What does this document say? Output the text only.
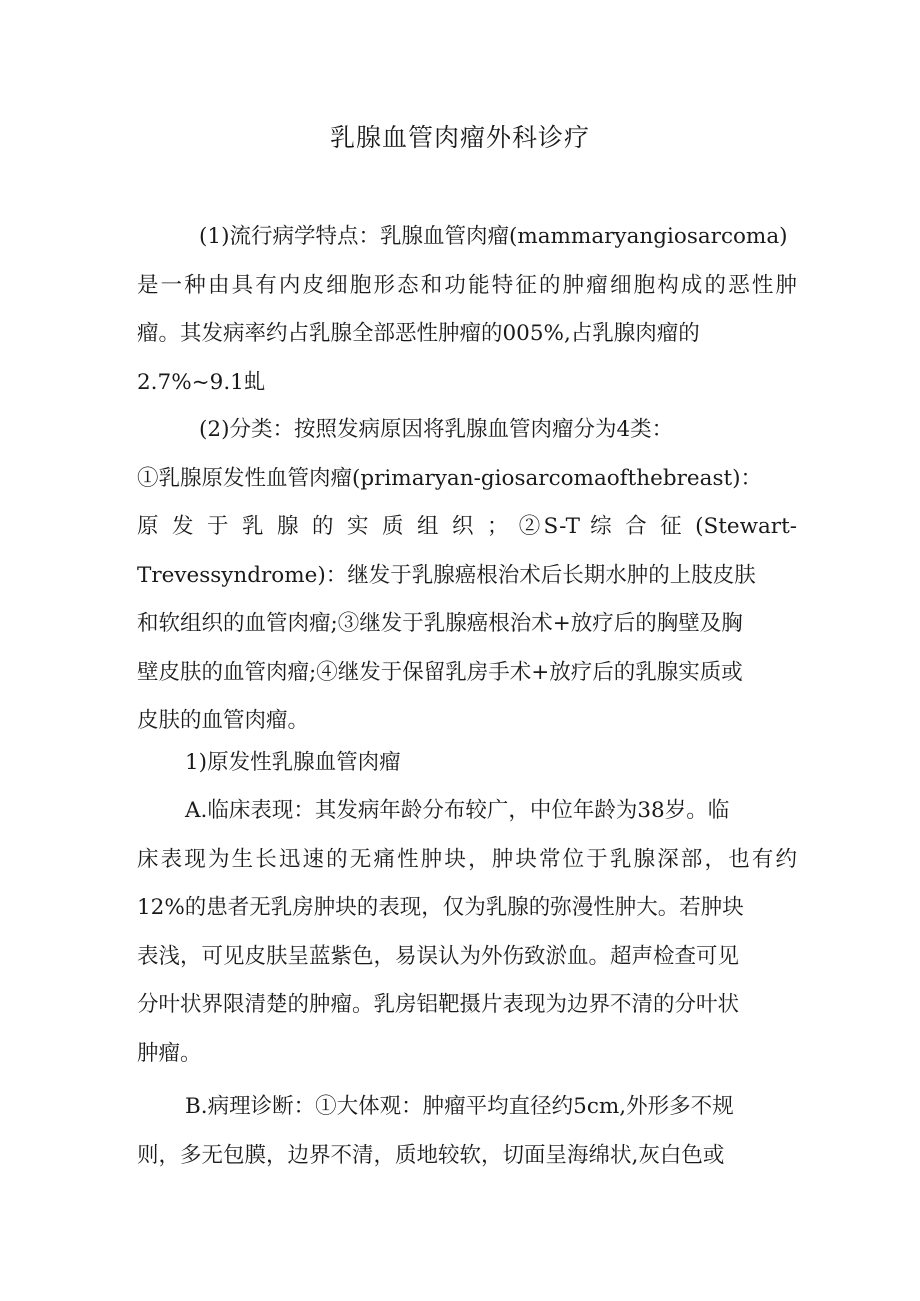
乳腺血管肉瘤外科诊疗
(1)流行病学特点：乳腺血管肉瘤(mammaryangiosarcoma)
是一种由具有内皮细胞形态和功能特征的肿瘤细胞构成的恶性肿
瘤。其发病率约占乳腺全部恶性肿瘤的005%,占乳腺肉瘤的
2.7%~9.1虬
(2)分类：按照发病原因将乳腺血管肉瘤分为4类：
①乳腺原发性血管肉瘤(primaryan-giosarcomaofthebreast)：
原 发 于 乳 腺 的 实 质 组 织 ； ②S-T 综 合 征 (Stewart-
Trevessyndrome)：继发于乳腺癌根治术后长期水肿的上肢皮肤
和软组织的血管肉瘤;③继发于乳腺癌根治术+放疗后的胸壁及胸
壁皮肤的血管肉瘤;④继发于保留乳房手术+放疗后的乳腺实质或
皮肤的血管肉瘤。
1)原发性乳腺血管肉瘤
A.临床表现：其发病年龄分布较广，中位年龄为38岁。临
床表现为生长迅速的无痛性肿块，肿块常位于乳腺深部，也有约
12%的患者无乳房肿块的表现，仅为乳腺的弥漫性肿大。若肿块
表浅，可见皮肤呈蓝紫色，易误认为外伤致淤血。超声检查可见
分叶状界限清楚的肿瘤。乳房铝靶摄片表现为边界不清的分叶状
肿瘤。
B.病理诊断：①大体观：肿瘤平均直径约5cm,外形多不规
则，多无包膜，边界不清，质地较软，切面呈海绵状,灰白色或
